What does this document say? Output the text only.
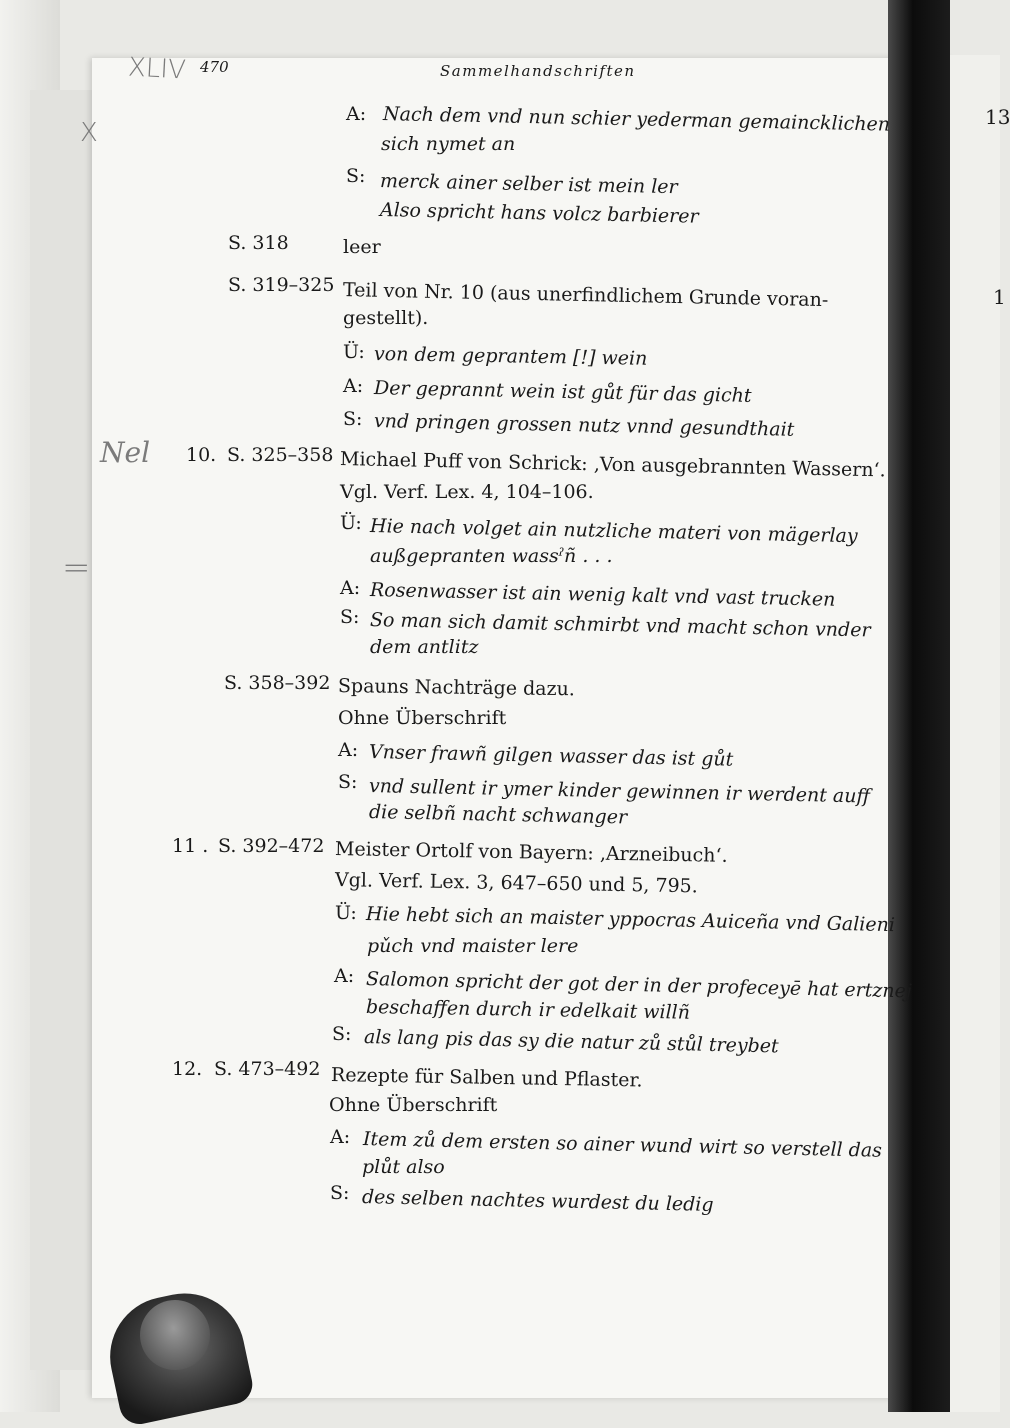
13
1
XLIV
X
Nel
=
470	Sammelhandschriften
A: Nach dem vnd nun schier yederman gemaincklichen
sich nymet an
S: merck ainer selber ist mein ler
Also spricht hans volcz barbierer
S. 318	leer
S. 319–325 Teil von Nr. 10 (aus unerfindlichem Grunde voran-
gestellt).
Ü: von dem geprantem [!] wein
A: Der geprannt wein ist gůt für das gicht
S: vnd pringen grossen nutz vnnd gesundthait
10. S. 325–358 Michael Puff von Schrick: ‚Von ausgebrannten Wassern‘.
Vgl. Verf. Lex. 4, 104–106.
Ü: Hie nach volget ain nutzliche materi von mägerlay
außgepranten wassˀñ . . .
A: Rosenwasser ist ain wenig kalt vnd vast trucken
S: So man sich damit schmirbt vnd macht schon vnder
dem antlitz
S. 358–392 Spauns Nachträge dazu.
Ohne Überschrift
A: Vnser frawñ gilgen wasser das ist gůt
S: vnd sullent ir ymer kinder gewinnen ir werdent auff
die selbñ nacht schwanger
11 . S. 392–472 Meister Ortolf von Bayern: ‚Arzneibuch‘.
Vgl. Verf. Lex. 3, 647–650 und 5, 795.
Ü: Hie hebt sich an maister yppocras Auiceña vnd Galieni
pǔch vnd maister lere
A: Salomon spricht der got der in der profeceyē hat ertznej
beschaffen durch ir edelkait willñ
S: als lang pis das sy die natur zů stůl treybet
12. S. 473–492 Rezepte für Salben und Pflaster.
Ohne Überschrift
A: Item zů dem ersten so ainer wund wirt so verstell das
plůt also
S: des selben nachtes wurdest du ledig
